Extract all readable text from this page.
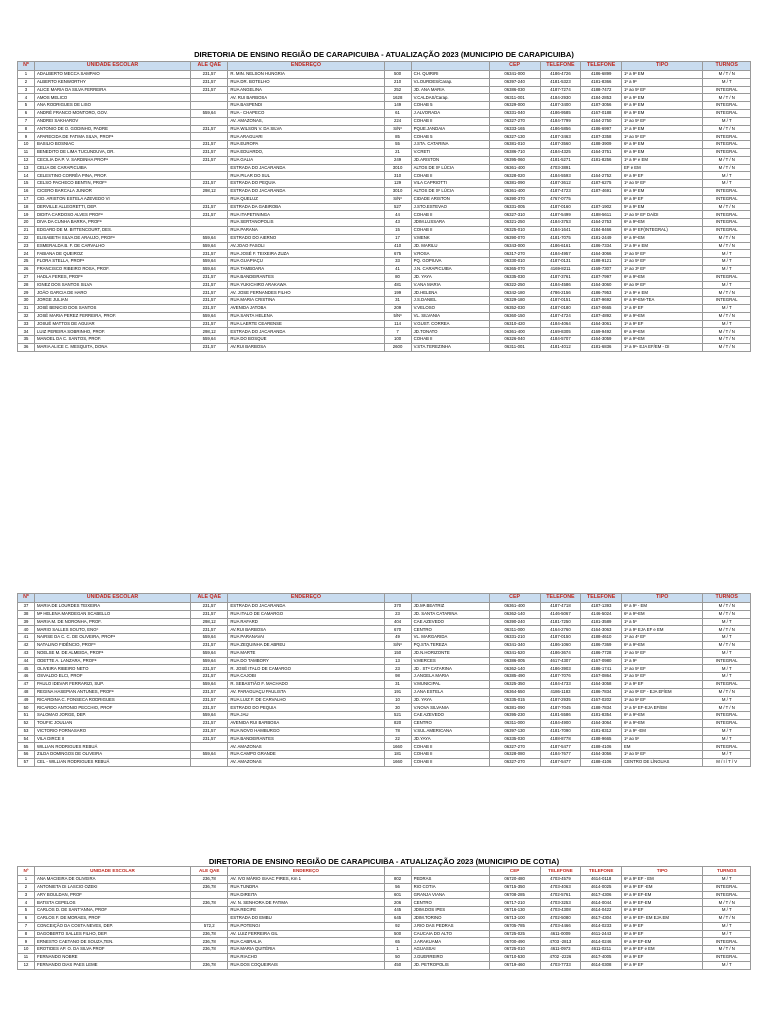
DIRETORIA DE ENSINO REGIÃO DE CARAPICUIBA - ATUALIZAÇÃO 2023 (MUNICIPIO DE CARAPICUIBA)
Nº	UNIDADE ESCOLAR	ALE QAE	ENDEREÇO			CEP	TELEFONE	TELEFONE	TIPO	TURNOS
1	ADALBERTO MECCA SAMPAIO	231,57	R. MIN. NELSON HUNGRIA	500	CH. QUIRIRI	06341-000	4186-4726	4186-6899	1º a 9º EM	M / T / N
2	ALBERTO KENWORTHY	231,57	RUA DR. BOTELHO	210	V.LOURDES/Carap.	06397-240	4181-5323	4181-8366	1º a 9º	M / T
3	ALICE MARIA DA SILVA FERREIRA	231,57	RUA ANGELINA	252	JD. ANA MARIA	06386-030	4187-7274	4188-7472	1º ao 5º EF	INTEGRAL
4	AMOS MELICO		AV. RUI BARBOSA	1628	V.CALDAS/Carap.	06311-001	4184-2930	4184-2853	6º a 9º EM	M / T / N
5	ANA RODRIGUES DE LISO		RUA BASPENDI	149	COHAB 5	06329-000	4187-3400	4187-3056	6º a 9º EM	INTEGRAL
6	ANDRÉ FRANCO MONTORO, GOV.	559,64	RUA - CHAPECO	61	J.ALVORADA	06331-040	4186-9585	4167-0188	6º a 9º EM	INTEGRAL
7	ANDREI SAKHAROV		AV. AMAZONAS,	224	COHAB II	06327-270	4184-7799	4164-2750	1º ao 5º EF	M / T
8	ANTONIO DE O. GODINHO, PADRE	231,57	RUA WILSON V. DA SILVA	S/Nº	PQUE.JANDAIA	06333-165	4186-5856	4186-6997	1º a 9º EM	M / T / N
9	APARECIDA DE FATIMA SILVA, PROFª		RUA ARAGUARI	85	COHAB 5	06327-130	4187-3463	4187-3358	1º ao 5º EF	INTEGRAL
10	BASILIO BOSNIAC	231,57	RUA EUROPA	55	J.STA. CATARINA	06381-010	4187-3560	4188-3909	6º a 9º EM	INTEGRAL
11	BENEDITO DE LIMA TUCUNDUVA, DR.	231,57	RUA EDUARDO,	21	V.CRETI	06386-710	4184-4325	4164-3751	6º a 9º EM	INTEGRAL
12	CECILIA DA P. V. SARDINHA PROFª	231,57	RUA GALIA	249	JD.ARISTON	06395-060	4181-5271	4181-8256	1º a 9º e EM	M / T / N
13	CELIA DE CARAPICUIBA		ESTRADA DO JACARANDA	3010	ALTOS DE Sº LÚCIA	06361-400	4703-3891		EF e EM	M / T / N
14	CELESTINO CORRÊA PINA, PROF.		RUA PILAR DO SUL	310	COHAB II	06328-020	4184-5593	4164-2752	6º a 9º EF	M / T
15	CELSO PACHECO BENTIN, PROFº	231,57	ESTRADA DO PEQUIA	129	VILA CAPRIOTTI	06381-090	4187-3612	4187-6275	1º ao 5º EF	M / T
16	CICERO BARCALA JUNIOR	298,12	ESTRADA DO JACARANDA	3010	ALTOS DE Sº LÚCIA	06361-400	4187-4723	4187-4691	6º a 9º EM	INTEGRAL
17	CID. ARISTON ESTELA AZEVEDO VI		RUA QUELUZ	S/Nº	CIDADE ARISTON	06390-370	4767-0775		6º a 9º EF	INTEGRAL
18	DERVILLE ALLEGRETTI, DEP.	231,57	ESTRADA DA GABIROBA	527	J.STO.ESTEVAO	06331-005	4187-0160	4187-1902	5º a 9º EM	M / T / N
19	DIDITA CARDOSO ALVES PROFª	231,57	RUA ITAPETININGA	44	COHAB II	06327-310	4187-5499	4188-5611	1º ao 5º EF DA/DI	INTEGRAL
20	DIVA DA CUNHA BARRA, PROFª		RUA SERTANOPOLIS	43	JDIM.LUSSARA	06321-250	4184-3753	4164-2753	6º a 9º-EM	INTEGRAL
21	EDGARD DE M. BITTENCOURT, DES.		RUA PARANA	15	COHAB II	06325-010	4184-1641	4184-8466	6º a 9º EF(INTEGRAL)	INTEGRAL
22	ELISABETH SILVA DE ARAUJO, PROFª	559,64	ESTRADO DO AIERNO	17	V.MENK	06390-070	4181-7075	4181-2449	6º a 9º-EM	M / T / N
23	ESMERALDA B. F. DE CARVALHO	559,64	AV.JOAO FASOLI	410	JD. MARILU	06343-000	4186-6161	4186-7334	1º a 9º e EM	M / T / N
24	FABIANA DE QUEIROZ	231,57	RUA JOSÉ F. TEIXEIRA ZUZA	675	V.ROSA	06317-270	4184-4957	4164-3066	1º ao 5º EF	M / T
25	FLORA STELLA, PROFª	559,64	RUA GUAPIAÇU	33	PQ. GOPIUVA	06330-010	4187-0131	4188-9121	1º ao 5º EF	M / T
26	FRANCISCO RIBEIRO ROSA, PROF.	559,64	RUA TAMBOARA	41	J.N. CARAPICUIBA	06365-070	4169-8211	4169-7307	1º ao 3º EF	M / T
27	HADLA FERES, PROFª	231,57	RUA BANDEIRANTES	80	JD. YAYA	06335-030	4187-3761	4187-7997	6º a 9º-EM	INTEGRAL
28	IGNEZ DOS SANTOS SILVA	231,57	RUA YUKICHIRO ARAKAWA	481	V.ANA MARIA	06322-250	4184-4586	4164-3060	6º ao 9º EF	M / T
29	JOÃO GARCIA DE HARO	231,57	AV. JOSE FERNANDES FILHO	199	JD.HELENA	06342-180	4786-2156	4186-7953	1º a 9º e EM	M / T / N
30	JORGE JULIAN	231,57	RUA MARIA CRISTINA	31	J.S.DANIEL	06329-180	4187-0151	4187-9692	6º a 9º-EM-TEA	INTEGRAL
31	JOSÉ BENICIO DOS SANTOS	231,57	AVENIDA JATOBA	209	V.VELOSO	06352-030	4187-0180	4167-0665	1º a 8º EF	M / T
32	JOSÉ MARIA PEREZ FERREIRA, PROF.	559,64	RUA SANTA HELENA	5/Nº	VL. SILVANIA	06360-150	4187-4724	4187-4892	6º a 9º-EM	M / T / N
33	JOSUÉ MATTOS DE AGUIAR	231,57	RUA LAERTE CEARENSE	114	V.GUST. CORREA	06310-420	4184-4064	4164-3061	1º a 9º EF	M / T
34	LUIZ PEREIRA SOBRINHO, PROF.	298,12	ESTRADA DO JACARANDA	7	JD.TONATO	06361-400	4169-8305	4169-9492	6º a 9º-EM	M / T / N
35	MANOEL DA C. SANTOS, PROF.	559,64	RUA DO BOSQUE	100	COHAB II	06326-040	4184-5707	4164-3059	6º a 9º-EM	M / T / N
36	MARIA ALICE C. MESQUITA, DONA	231,57	AV.RUI BARBOSA	2600	V.STA.TEREZINHA	06311-001	4181-4012	4181-6836	1º a 9º- EJA EF/EM - DI	M / T / N
Nº	UNIDADE ESCOLAR	ALE QAE	ENDEREÇO			CEP	TELEFONE	TELEFONE	TIPO	TURNOS
37	MARIA DE LOURDES TEIXEIRA	231,57	ESTRADA DO JACARANDA	370	JD.Mª.BEATRIZ	06361-400	4187-4718	4187-1393	6º a 9º - EM	M / T / N
38	Mª HELENA MARDEGAN SCABELLO	231,57	RUA ITALO DE CAMARGO	23	JD. SANTA CATARINA	06362-140	4146-5067	4146-5024	6º a 9º-EM	M / T / N
39	MARIA M. DE NORONHA, PROF.	298,12	RUA RAFARD	404	CAE AZEVEDO	06390-240	4181-7250	4181-3589	1º a 5º	M / T
40	MARIO SALLES SOUTO, ENGº	231,57	AV.RUI BARBOSA	670	CENTRO	06311-000	4164-2760	4164-3063	1º a 9º EJA EF e EM	M / T / N
41	NAIRSE DA C. C. DE OLIVEIRA, PROFª	559,64	RUA PARANAVAI	49	VL. MARGARIDA	06331-210	4187-0150	4188-4610	1º ao 4º EF	M / T
42	NATALINO FIDÊNCIO, PROFº	231,57	RUA ZEQUINHA DE ABREU	S/Nº	PQ.STA.TEREZA	06341-340	4186-1060	4186-7369	6º a 9º-EM	M / T / N
43	NOELSE M. DE ALMEIDA, PROFª	559,64	RUA MARTE	150	JD.N.HORIZONTE	06341-520	4186-3674	4186-7728	1º ao 5º EF	M / T
44	ODETTE A. LANZARA, PROFª	559,64	RUA DO TAMBORY	13	V.MERCES	06386-005	4617-4307	4167-0980	1º a 9º	INTEGRAL
45	OLIVEIRA RIBEIRO NETO	231,57	R. JOSÉ ITALO DE CAMARGO	23	JD . STª CATARINA	06362-140	4186-3903	4186-1741	1º ao 5º EF	M / T
46	OSVALDO ELCI, PROF	231,57	RUA CAJOBI	98	J.ANGELA MARIA	06385-490	4187-7076	4167-0864	1º ao 5º EF	M / T
47	PAULO IDEVAR FERRARIZI, SUP.	559,64	R. SEBASTIÃO F. MACHADO	31	V.MUNICIPAL	06325-350	4184-4733	4164-3058	1º a 9º EF	INTEGRAL
48	REGINA HASEPIAN ANTUNES, PROFª	231,57	AV. PARAGUAÇU PAULISTA	191	J.ANA ESTELA	06364-550	4186-1183	4186-7834	1º ao 9º EF - EJA EF/EM	M / T / N
49	RICARDINA C. FONSECA RODRIGUES	231,57	RUA LUIZ F. DE CARVALHO	10	JD. YAYA	06335-015	4187-2935	4167-0202	1º ao 5º EF	M / T
50	RICARDO ANTONIO PECCHIO, PROF	231,57	ESTRADO DO PEQUIA	30	V.NOVA SILVANIA	06381-090	4187-7045	4188-7834	1º a 5º EF-EJA EF/EM	M / T / N
51	SALOMAO JORGE, DEP.	559,64	RUA JAU	521	CAE AZEVEDO	06395-230	4181-5586	4181-8354	6º a 9º-EM	INTEGRAL
52	TOUFIC JOULIAN	231,57	AVENIDA RUI BARBOSA	820	CENTRO	06311-000	4184-4900	4164-3064	6º a 9º-EM	INTEGRAL
53	VICTORIO FORNASARO	231,57	RUA NOVO HAMBURGO	78	V.SUL AMERICANA	06397-130	4181-7090	4181-8312	1º a 9º -EM	M / T
54	VILA DIRCE II	231,57	RUA BANDEIRANTES	22	JD.YAYA	06335-030	4188-8778	4188-9665	1º ao 5º	M / T
55	WILLIAN RODRIGUES REBUÁ		AV. AMAZONAS	1660	COHAB II	06327-270	4187-5477	4188-4106	EM	INTEGRAL
56	ZILDA DOMINGOS DE OLIVEIRA	559,64	RUA CAMPO GRANDE	181	COHAB II	06328-080	4184-7677	4164-3056	1º ao 5º EF	M / T
57	CEL - WILLIAN RODRIGUES REBUÁ		AV. AMAZONAS	1660	COHAB II	06327-270	4187-5477	4188-4106	CENTRO DE LÍNGUAS	M / I / T / V
DIRETORIA DE ENSINO REGIÃO DE CARAPICUIBA - ATUALIZAÇÃO 2023 (MUNICIPIO DE COTIA)
Nº	UNIDADE ESCOLAR	ALE QAE	ENDEREÇO			CEP	TELEFONE	TELEFONE	TIPO	TURNOS
1	ANA MACIEIRA DE OLIVEIRA	236,78	AV. IVO MÁRIO ISAAC PIRES, Km 1	802	PEDRAS	06720-480	4703-4579	4614-0118	6º a 9º EF - EM	M / T
2	ANTONIETA DI LASCIO OZEKI	236,78	RUA TUNDRA	56	RIO COTIA	06715-350	4703-4063	4614-0025	6º a 9º EF -EM	INTEGRAL
3	ARY BOULDAN, PROF		RUA DIREITA	601	GRANJA VIANA	06708-285	4702-5761	4617-4306	6º a 9º EF-EM	INTEGRAL
4	BATISTA CEPELOS	236,78	AV. N. SENHORA DE FATIMA	206	CENTRO	06717-210	4703-3253	4614-0044	6º a 9º EF-EM	M / T / N
5	CARLOS D. DE SANT'ANNA, PROF		RUA RECIFE	445	JDIM.DOS IPES	06716-130	4703-4308	4614-0422	6º a 9º EF	M / T
6	CARLOS F. DE MORAES, PROF		ESTRADA DO EMBU	645	JDIM.TORINO	06713-100	4702-5080	4617-4304	6º a 9º EF- EM EJA EM	M / T / N
7	CONCEIÇÃO DA COSTA NEVES, DEP.	572,2	RUA POTENGI	92	J.RIO DAS PEDRAS	06705-785	4703-4466	4614-0233	6º a 9º EF	M / T
8	DAGOBERTO SALLES FILHO, DEP.	236,78	AV. LUIZ FERREIRA GIL	500	CAUCAIA DO ALTO	06725-025	4611-0009	4611-2443	6º a 9º EF	M / T
9	ERNESTO CAETANO DE SOUZA,TEN.	236,78	RUA CABRALIA	65	J.ARAKUAMA	06700-490	4703 -2813	4614-0246	6º a 9º EF-EM	INTEGRAL
10	EROTIDES AP. O. DA SILVA PROF	236,78	RUA MARIA QUITÉRIA	1	AGUASSAI	06725-010	4611-0973	4611-0211	6º a 9º EF e EM	M / T / N
11	FERNANDO NOBRE		RUA RIACHO	50	J.GUERREIRO	06710-530	4702 -2226	4617-4005	6º a 9º EF	INTEGRAL
12	FERNANDO DIAS PAES LEME	236,78	RUA DOS COQUEIRAIS	450	JD. PETROPOLIS	06719-460	4703-7733	4614-0308	6º a 9º EF	M / T
